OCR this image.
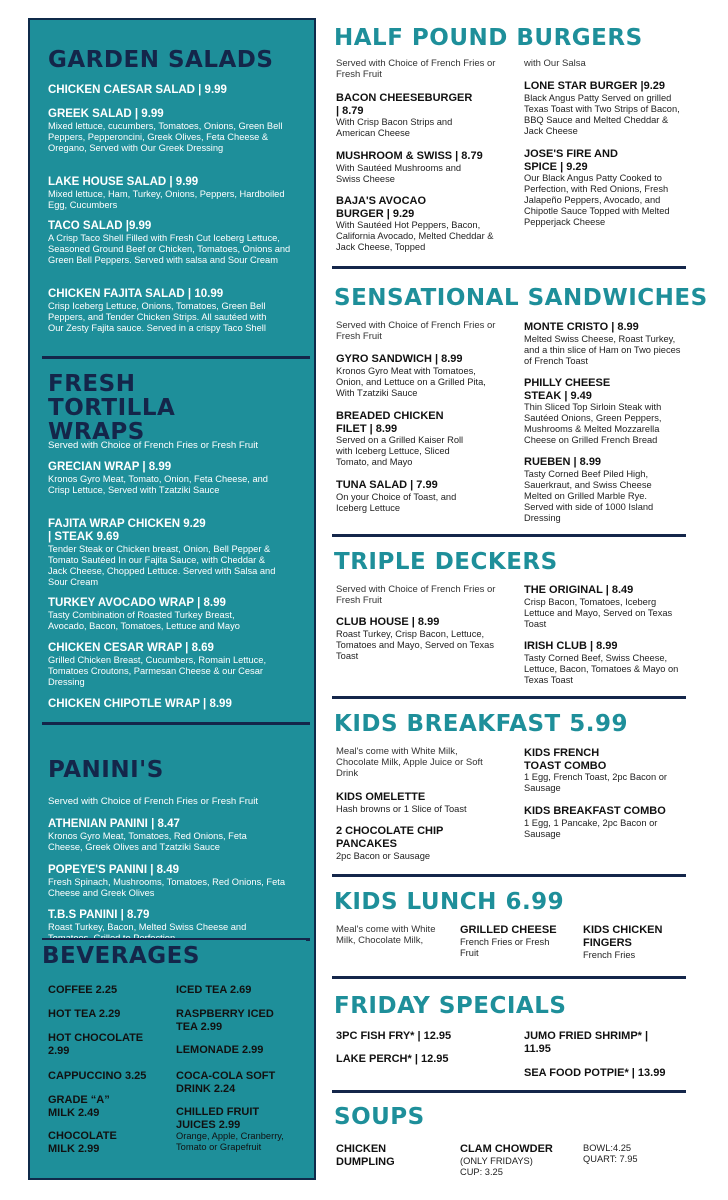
GARDEN SALADS
CHICKEN CAESAR SALAD | 9.99
GREEK SALAD | 9.99
Mixed lettuce, cucumbers, Tomatoes, Onions, Green Bell Peppers, Pepperoncini, Greek Olives, Feta Cheese & Oregano, Served with Our Greek Dressing
LAKE HOUSE SALAD | 9.99
Mixed lettuce, Ham, Turkey, Onions, Peppers, Hardboiled Egg, Cucumbers
TACO SALAD |9.99
A Crisp Taco Shell Filled with Fresh Cut Iceberg Lettuce, Seasoned Ground Beef or Chicken, Tomatoes, Onions and Green Bell Peppers. Served with salsa and Sour Cream
CHICKEN FAJITA SALAD | 10.99
Crisp Iceberg Lettuce, Onions, Tomatoes, Green Bell Peppers, and Tender Chicken Strips. All sautéed with Our Zesty Fajita sauce. Served in a crispy Taco Shell
FRESH TORTILLA WRAPS
Served with Choice of French Fries or Fresh Fruit
GRECIAN WRAP | 8.99
Kronos Gyro Meat, Tomato, Onion, Feta Cheese, and Crisp Lettuce, Served with Tzatziki Sauce
FAJITA WRAP CHICKEN 9.29 | STEAK 9.69
Tender Steak or Chicken breast, Onion, Bell Pepper & Tomato Sautéed In our Fajita Sauce, with Cheddar & Jack Cheese, Chopped Lettuce. Served with Salsa and Sour Cream
TURKEY AVOCADO WRAP | 8.99
Tasty Combination of Roasted Turkey Breast, Avocado, Bacon, Tomatoes, Lettuce and Mayo
CHICKEN CESAR WRAP | 8.69
Grilled Chicken Breast, Cucumbers, Romain Lettuce, Tomatoes Croutons, Parmesan Cheese & our Cesar Dressing
CHICKEN CHIPOTLE WRAP | 8.99
PANINI'S
Served with Choice of French Fries or Fresh Fruit
ATHENIAN PANINI | 8.47
Kronos Gyro Meat, Tomatoes, Red Onions, Feta Cheese, Greek Olives and Tzatziki Sauce
POPEYE'S PANINI | 8.49
Fresh Spinach, Mushrooms, Tomatoes, Red Onions, Feta Cheese and Greek Olives
T.B.S PANINI | 8.79
Roast Turkey, Bacon, Melted Swiss Cheese and
BEVERAGES
COFFEE 2.25
HOT TEA 2.29
HOT CHOCOLATE 2.99
CAPPUCCINO 3.25
GRADE “A” MILK 2.49
CHOCOLATE MILK 2.99
ICED TEA 2.69
RASPBERRY ICED TEA 2.99
LEMONADE 2.99
COCA-COLA SOFT DRINK 2.24
CHILLED FRUIT JUICES 2.99
Orange, Apple, Cranberry, Tomato or Grapefruit
HALF POUND BURGERS
Served with Choice of French Fries or Fresh Fruit
with Our Salsa
BACON CHEESEBURGER | 8.79
With Crisp Bacon Strips and American Cheese
MUSHROOM & SWISS | 8.79
With Sautéed Mushrooms and Swiss Cheese
BAJA'S AVOCAO BURGER | 9.29
With Sautéed Hot Peppers, Bacon, California Avocado, Melted Cheddar & Jack Cheese, Topped
LONE STAR BURGER |9.29
Black Angus Patty Served on grilled Texas Toast with Two Strips of Bacon, BBQ Sauce and Melted Cheddar & Jack Cheese
JOSE'S FIRE AND SPICE | 9.29
Our Black Angus Patty Cooked to Perfection, with Red Onions, Fresh Jalapeño Peppers, Avocado, and Chipotle Sauce Topped with Melted Pepperjack Cheese
SENSATIONAL SANDWICHES
Served with Choice of French Fries or Fresh Fruit
GYRO SANDWICH | 8.99
Kronos Gyro Meat with Tomatoes, Onion, and Lettuce on a Grilled Pita, With Tzatziki Sauce
BREADED CHICKEN FILET | 8.99
Served on a Grilled Kaiser Roll with Iceberg Lettuce, Sliced Tomato, and Mayo
TUNA SALAD | 7.99
On your Choice of Toast, and Iceberg Lettuce
MONTE CRISTO | 8.99
Melted Swiss Cheese, Roast Turkey, and a thin slice of Ham on Two pieces of French Toast
PHILLY CHEESE STEAK | 9.49
Thin Sliced Top Sirloin Steak with Sautéed Onions, Green Peppers, Mushrooms & Melted Mozzarella Cheese on Grilled French Bread
RUEBEN | 8.99
Tasty Corned Beef Piled High, Sauerkraut, and Swiss Cheese Melted on Grilled Marble Rye. Served with side of 1000 Island Dressing
TRIPLE DECKERS
Served with Choice of French Fries or Fresh Fruit
CLUB HOUSE | 8.99
Roast Turkey, Crisp Bacon, Lettuce, Tomatoes and Mayo, Served on Texas Toast
THE ORIGINAL | 8.49
Crisp Bacon, Tomatoes, Iceberg Lettuce and Mayo, Served on Texas Toast
IRISH CLUB | 8.99
Tasty Corned Beef, Swiss Cheese, Lettuce, Bacon, Tomatoes & Mayo on Texas Toast
KIDS BREAKFAST 5.99
Meal's come with White Milk, Chocolate Milk, Apple Juice or Soft Drink
KIDS OMELETTE
Hash browns or 1 Slice of Toast
2 CHOCOLATE CHIP PANCAKES
2pc Bacon or Sausage
KIDS FRENCH TOAST COMBO
1 Egg, French Toast, 2pc Bacon or Sausage
KIDS BREAKFAST COMBO
1 Egg, 1 Pancake, 2pc Bacon or Sausage
KIDS LUNCH 6.99
Meal's come with White Milk, Chocolate Milk,
GRILLED CHEESE
French Fries or Fresh Fruit
KIDS CHICKEN FINGERS
French Fries
FRIDAY SPECIALS
3PC FISH FRY* | 12.95
LAKE PERCH* | 12.95
JUMO FRIED SHRIMP* | 11.95
SEA FOOD POTPIE* | 13.99
SOUPS
CHICKEN DUMPLING
CLAM CHOWDER
(ONLY FRIDAYS)
CUP: 3.25
BOWL:4.25
QUART: 7.95
